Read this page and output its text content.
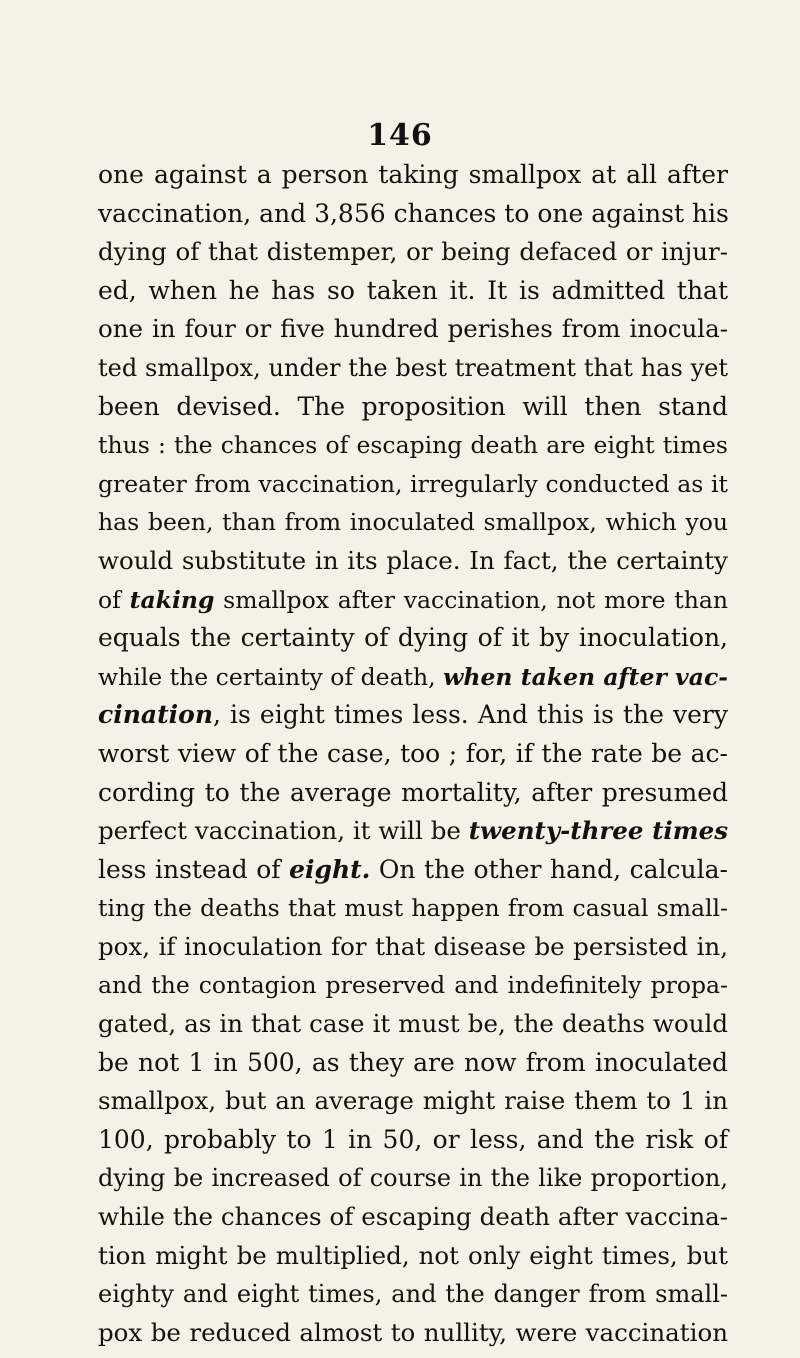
146
one against a person taking smallpox at all after
vaccination, and 3,856 chances to one against his
dying of that distemper, or being defaced or injur-
ed, when he has so taken it. It is admitted that
one in four or five hundred perishes from inocula-
ted smallpox, under the best treatment that has yet
been devised. The proposition will then stand
thus : the chances of escaping death are eight times
greater from vaccination, irregularly conducted as it
has been, than from inoculated smallpox, which you
would substitute in its place. In fact, the certainty
of taking smallpox after vaccination, not more than
equals the certainty of dying of it by inoculation,
while the certainty of death, when taken after vac-
cination, is eight times less. And this is the very
worst view of the case, too ; for, if the rate be ac-
cording to the average mortality, after presumed
perfect vaccination, it will be twenty-three times
less instead of eight. On the other hand, calcula-
ting the deaths that must happen from casual small-
pox, if inoculation for that disease be persisted in,
and the contagion preserved and indefinitely propa-
gated, as in that case it must be, the deaths would
be not 1 in 500, as they are now from inoculated
smallpox, but an average might raise them to 1 in
100, probably to 1 in 50, or less, and the risk of
dying be increased of course in the like proportion,
while the chances of escaping death after vaccina-
tion might be multiplied, not only eight times, but
eighty and eight times, and the danger from small-
pox be reduced almost to nullity, were vaccination
